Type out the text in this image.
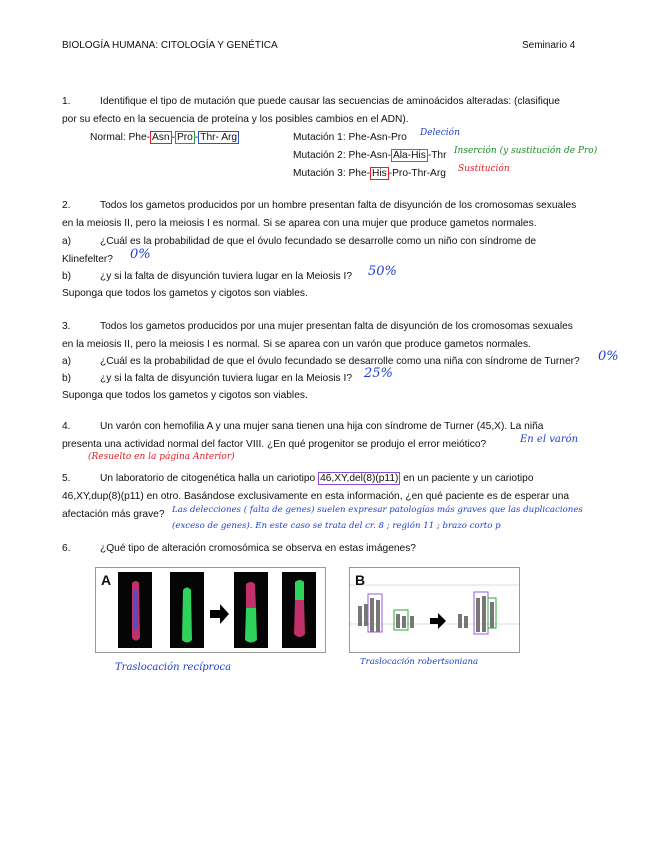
BIOLOGÍA HUMANA: CITOLOGÍA Y GENÉTICA	Seminario 4
1.	Identifique el tipo de mutación que puede causar las secuencias de aminoácidos alteradas: (clasifique
por su efecto en la secuencia de proteína y los posibles cambios en el ADN).
Normal: Phe- Asn - Pro - Thr- Arg	Mutación 1: Phe-Asn-Pro Deleción
Mutación 2: Phe-Asn- Ala-His -Thr Inserción (y sustitución de Pro)
Mutación 3: Phe- His -Pro-Thr-Arg Sustitución
2.	Todos los gametos producidos por un hombre presentan falta de disyunción de los cromosomas sexuales
en la meiosis II, pero la meiosis I es normal. Si se aparea con una mujer que produce gametos normales.
a)	¿Cuál es la probabilidad de que el óvulo fecundado se desarrolle como un niño con síndrome de
Klinefelter? 0%
b)	¿y si la falta de disyunción tuviera lugar en la Meiosis I? 50%
Suponga que todos los gametos y cigotos son viables.
3.	Todos los gametos producidos por una mujer presentan falta de disyunción de los cromosomas sexuales
en la meiosis II, pero la meiosis I es normal. Si se aparea con un varón que produce gametos normales.
a)	¿Cuál es la probabilidad de que el óvulo fecundado se desarrolle como una niña con síndrome de Turner? 0%
b)	¿y si la falta de disyunción tuviera lugar en la Meiosis I? 25%
Suponga que todos los gametos y cigotos son viables.
4.	Un varón con hemofilia A y una mujer sana tienen una hija con síndrome de Turner (45,X). La niña
presenta una actividad normal del factor VIII. ¿En qué progenitor se produjo el error meiótico?	En el varón
(Resuelto en la página Anterior)
5.	Un laboratorio de citogenética halla un cariotipo 46,XY,del(8)(p11) en un paciente y un cariotipo
46,XY,dup(8)(p11) en otro. Basándose exclusivamente en esta información, ¿en qué paciente es de esperar una
afectación más grave? Las delecciones ( falta de genes) suelen expresar patologías más graves que las duplicaciones
(exceso de genes). En este caso se trata del cr. 8 ; región 11 ; brazo corto p
6.	¿Qué tipo de alteración cromosómica se observa en estas imágenes?
A	B
Traslocación recíproca	Traslocación robertsoniana
